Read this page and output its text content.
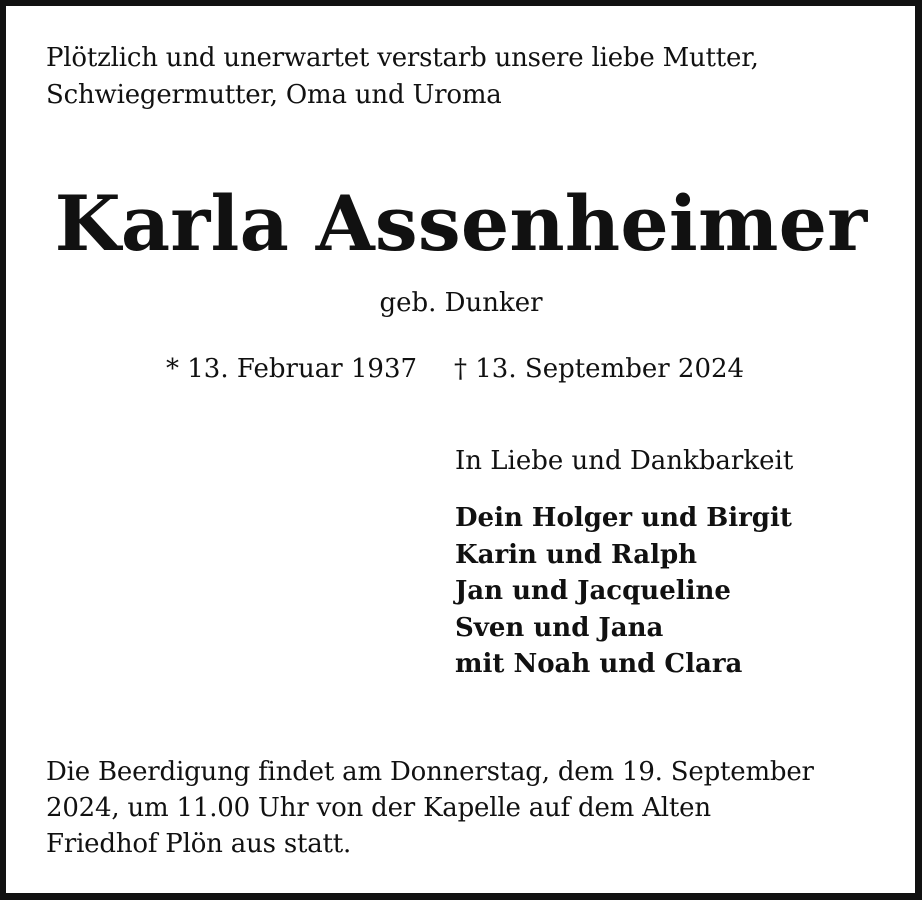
Plötzlich und unerwartet verstarb unsere liebe Mutter,
Schwiegermutter, Oma und Uroma
Karla Assenheimer
geb. Dunker
* 13. Februar 1937 † 13. September 2024
In Liebe und Dankbarkeit
Dein Holger und Birgit
Karin und Ralph
Jan und Jacqueline
Sven und Jana
mit Noah und Clara
Die Beerdigung findet am Donnerstag, dem 19. September
2024, um 11.00 Uhr von der Kapelle auf dem Alten
Friedhof Plön aus statt.
